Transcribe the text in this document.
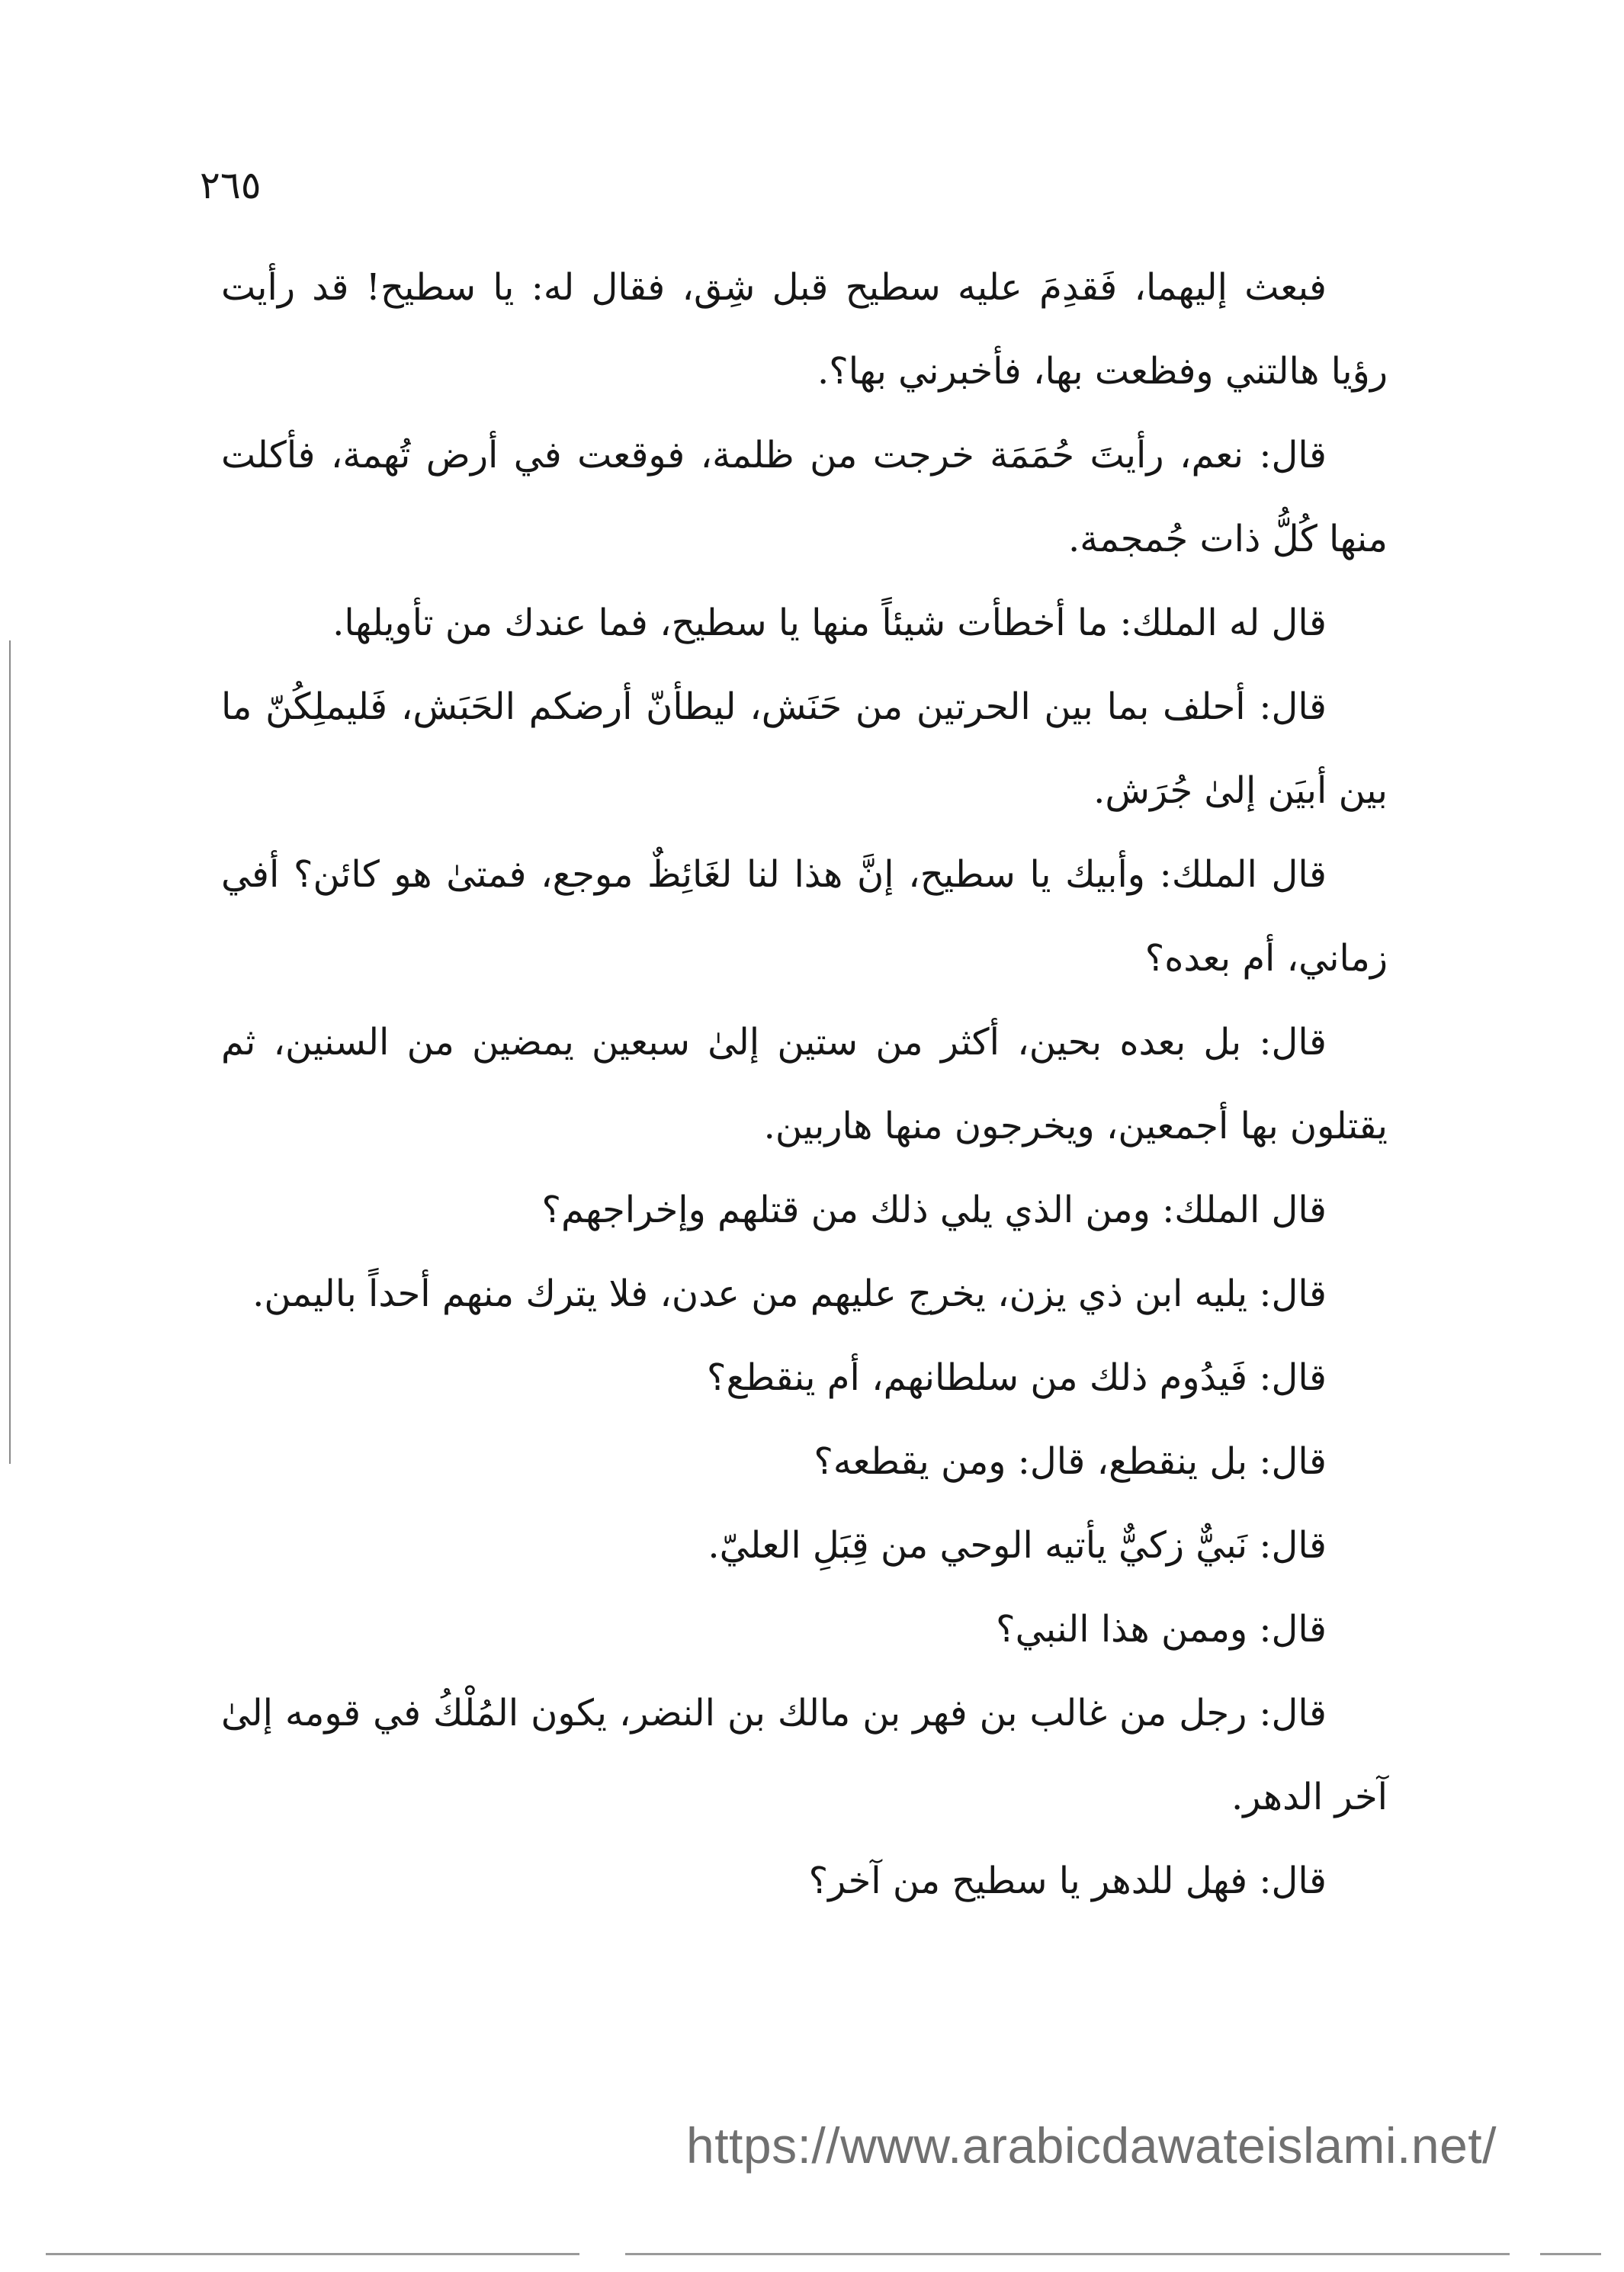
٢٦٥

فبعث إليهما، فَقدِمَ عليه سطيح قبل شِق، فقال له: يا سطيح! قد رأيت رؤيا هالتني وفظعت بها، فأخبرني بها؟.

قال: نعم، رأيتَ حُمَمَة خرجت من ظلمة، فوقعت في أرض تُهمة، فأكلت منها كُلُّ ذات جُمجمة.

قال له الملك: ما أخطأت شيئاً منها يا سطيح، فما عندك من تأويلها.

قال: أحلف بما بين الحرتين من حَنَش، ليطأنّ أرضكم الحَبَش، فَليملِكُنّ ما بين أبيَن إلىٰ جُرَش.

قال الملك: وأبيك يا سطيح، إنَّ هذا لنا لغَائِظٌ موجع، فمتىٰ هو كائن؟ أفي زماني، أم بعده؟

قال: بل بعده بحين، أكثر من ستين إلىٰ سبعين يمضين من السنين، ثم يقتلون بها أجمعين، ويخرجون منها هاربين.

قال الملك: ومن الذي يلي ذلك من قتلهم وإخراجهم؟

قال: يليه ابن ذي يزن، يخرج عليهم من عدن، فلا يترك منهم أحداً باليمن.

قال: فَيدُوم ذلك من سلطانهم، أم ينقطع؟

قال: بل ينقطع، قال: ومن يقطعه؟

قال: نَبيٌّ زكيٌّ يأتيه الوحي من قِبَلِ العليّ.

قال: وممن هذا النبي؟

قال: رجل من غالب بن فهر بن مالك بن النضر، يكون المُلْكُ في قومه إلىٰ آخر الدهر.

قال: فهل للدهر يا سطيح من آخر؟

https://www.arabicdawateislami.net/
